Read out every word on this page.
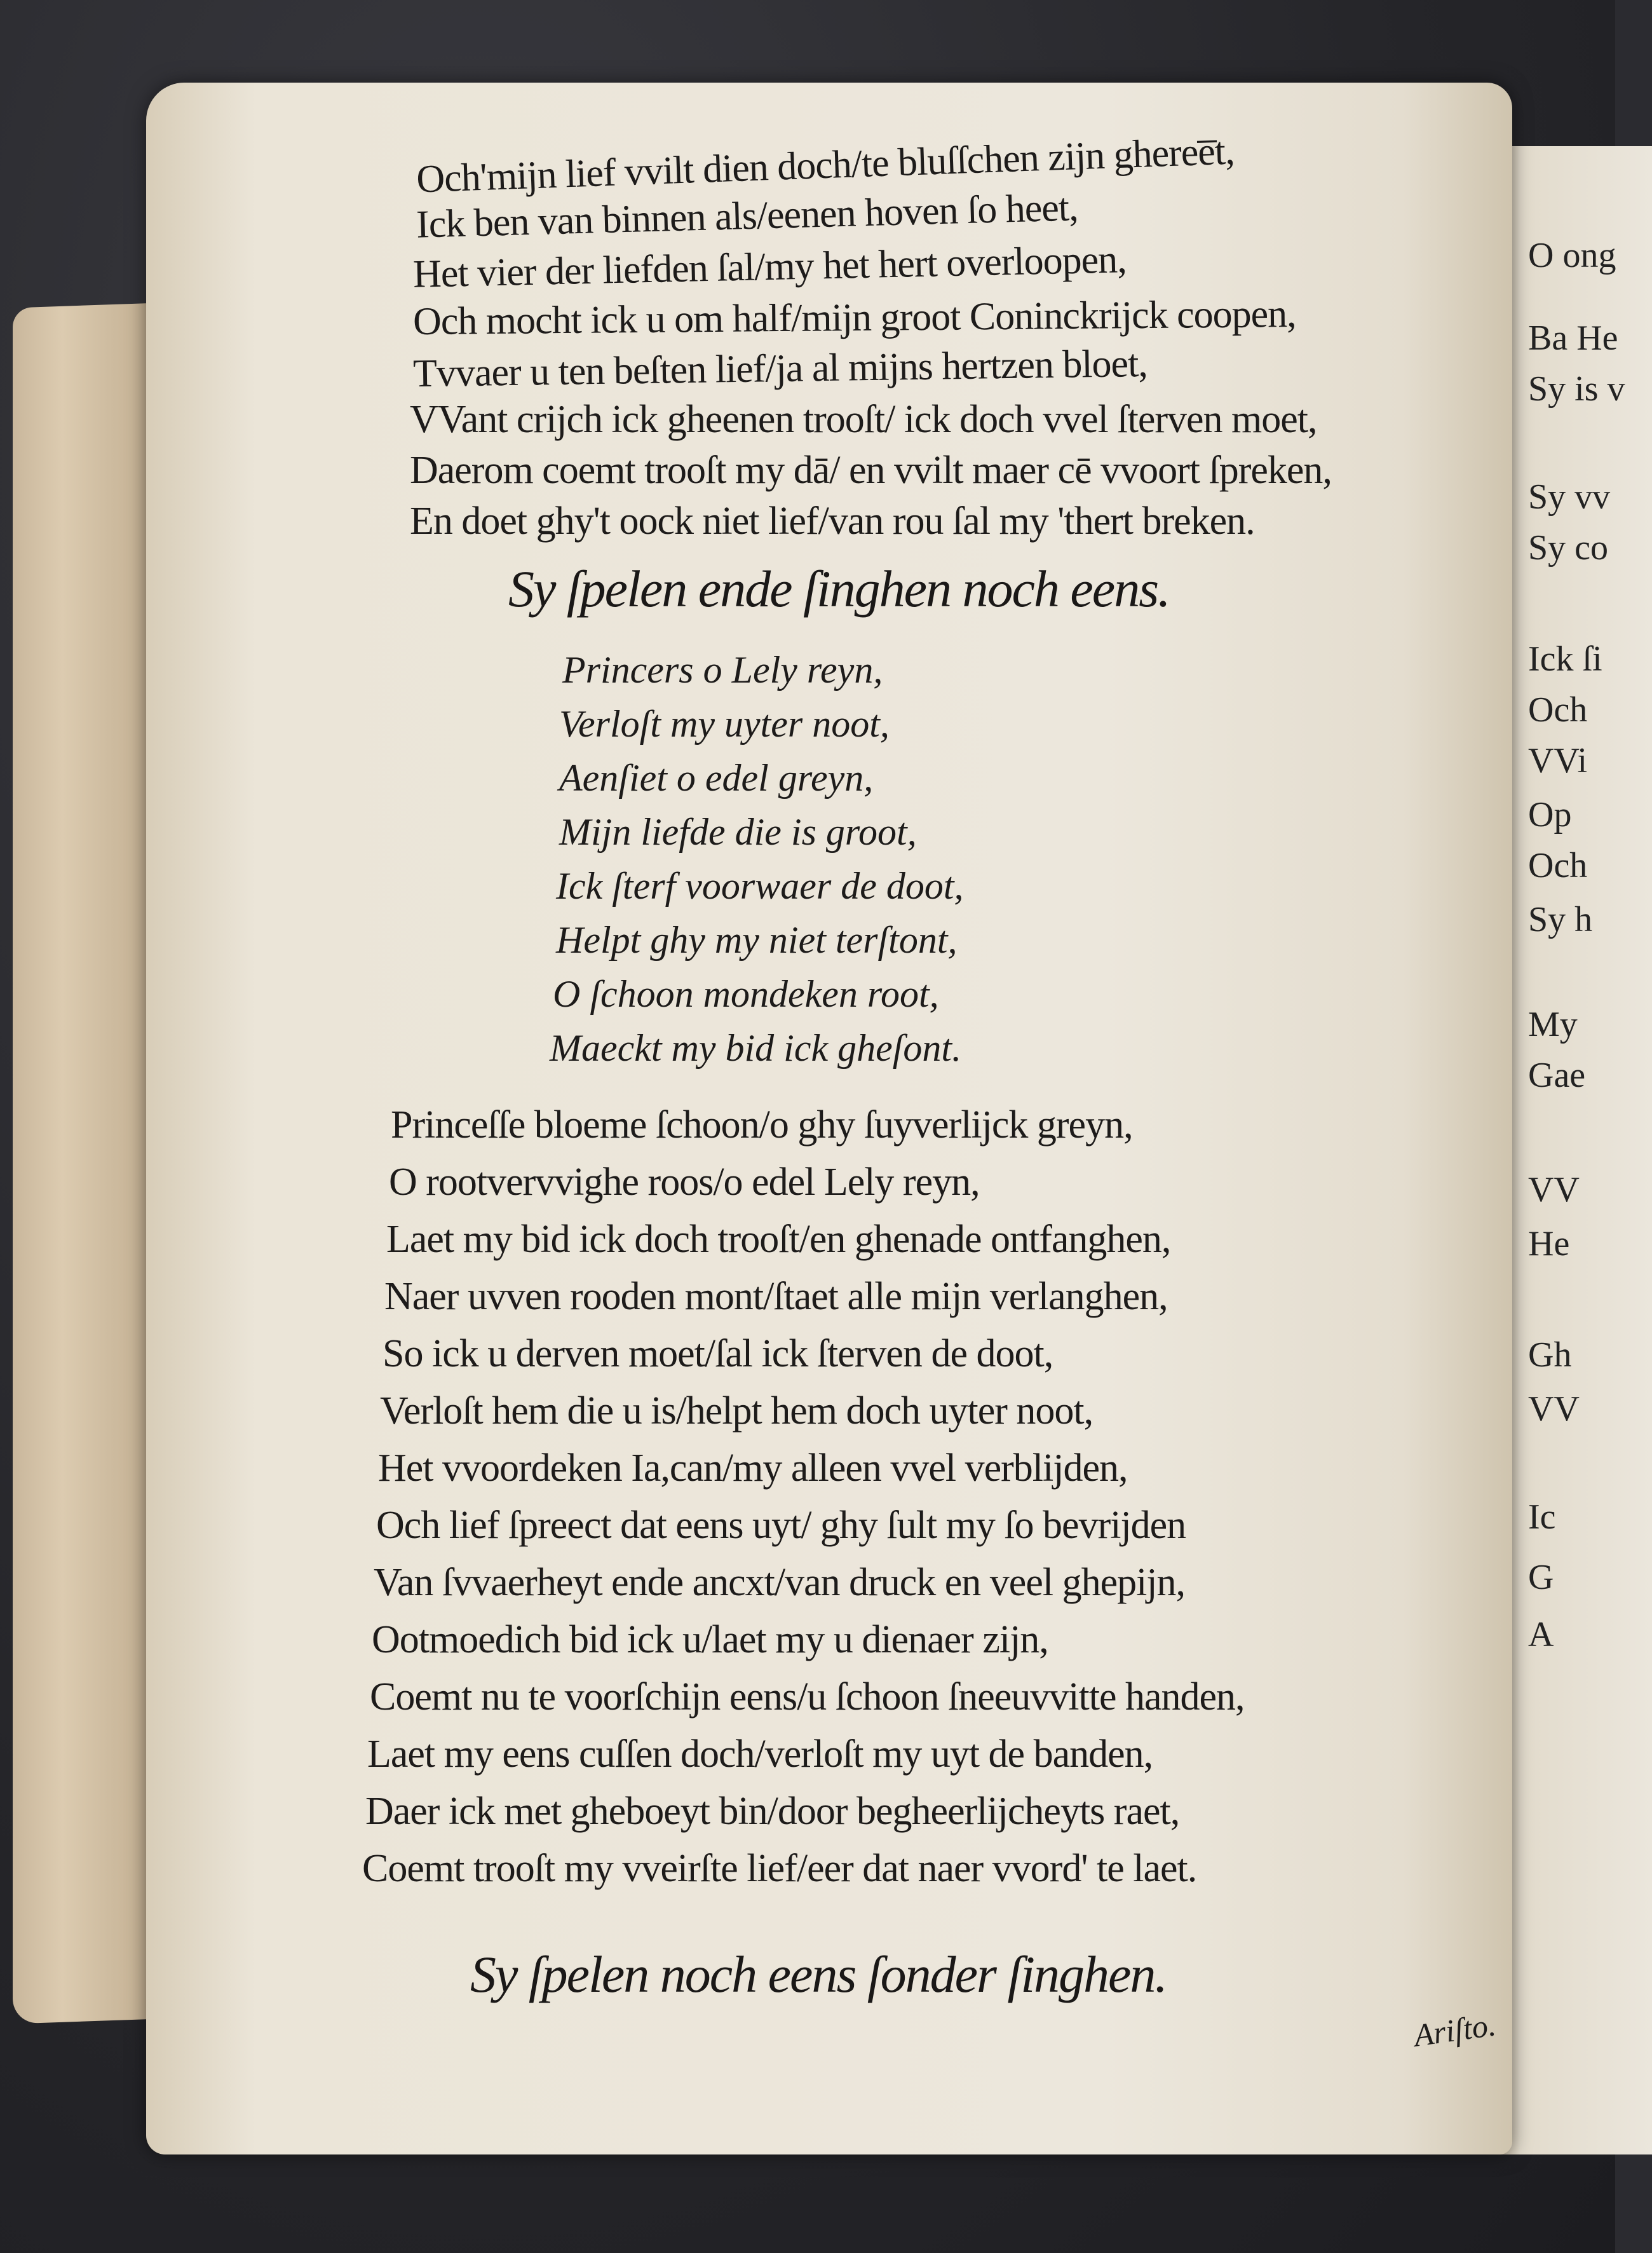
Och'mijn lief vvilt dien doch/te bluſſchen zijn gheree̅t,
Ick ben van binnen als/eenen hoven ſo heet,
Het vier der liefden ſal/my het hert overloopen,
Och mocht ick u om half/mijn groot Coninckrijck coopen,
Tvvaer u ten beſten lief/ja al mijns hertzen bloet,
VVant crijch ick gheenen trooſt/ ick doch vvel ſterven moet,
Daerom coemt trooſt my dā/ en vvilt maer cē vvoort ſpreken,
En doet ghy't oock niet lief/van rou ſal my 'thert breken.
Sy ſpelen ende ſinghen noch eens.
Princers o Lely reyn,
Verloſt my uyter noot,
Aenſiet o edel greyn,
Mijn liefde die is groot,
Ick ſterf voorwaer de doot,
Helpt ghy my niet terſtont,
O ſchoon mondeken root,
Maeckt my bid ick gheſont.
Princeſſe bloeme ſchoon/o ghy ſuyverlijck greyn,
O rootvervvighe roos/o edel Lely reyn,
Laet my bid ick doch trooſt/en ghenade ontfanghen,
Naer uvven rooden mont/ſtaet alle mijn verlanghen,
So ick u derven moet/ſal ick ſterven de doot,
Verloſt hem die u is/helpt hem doch uyter noot,
Het vvoordeken Ia,can/my alleen vvel verblijden,
Och lief ſpreect dat eens uyt/ ghy ſult my ſo bevrijden
Van ſvvaerheyt ende ancxt/van druck en veel ghepijn,
Ootmoedich bid ick u/laet my u dienaer zijn,
Coemt nu te voorſchijn eens/u ſchoon ſneeuvvitte handen,
Laet my eens cuſſen doch/verloſt my uyt de banden,
Daer ick met gheboeyt bin/door begheerlijcheyts raet,
Coemt trooſt my vveirſte lief/eer dat naer vvord' te laet.
Sy ſpelen noch eens ſonder ſinghen.
Ariſto.
O ong
Ba He
Sy is v
Sy vv
Sy co
Ick ſi
Och
VVi
Op
Och
Sy h
My
Gae
VV
He
Gh
VV
Ic
G
A
